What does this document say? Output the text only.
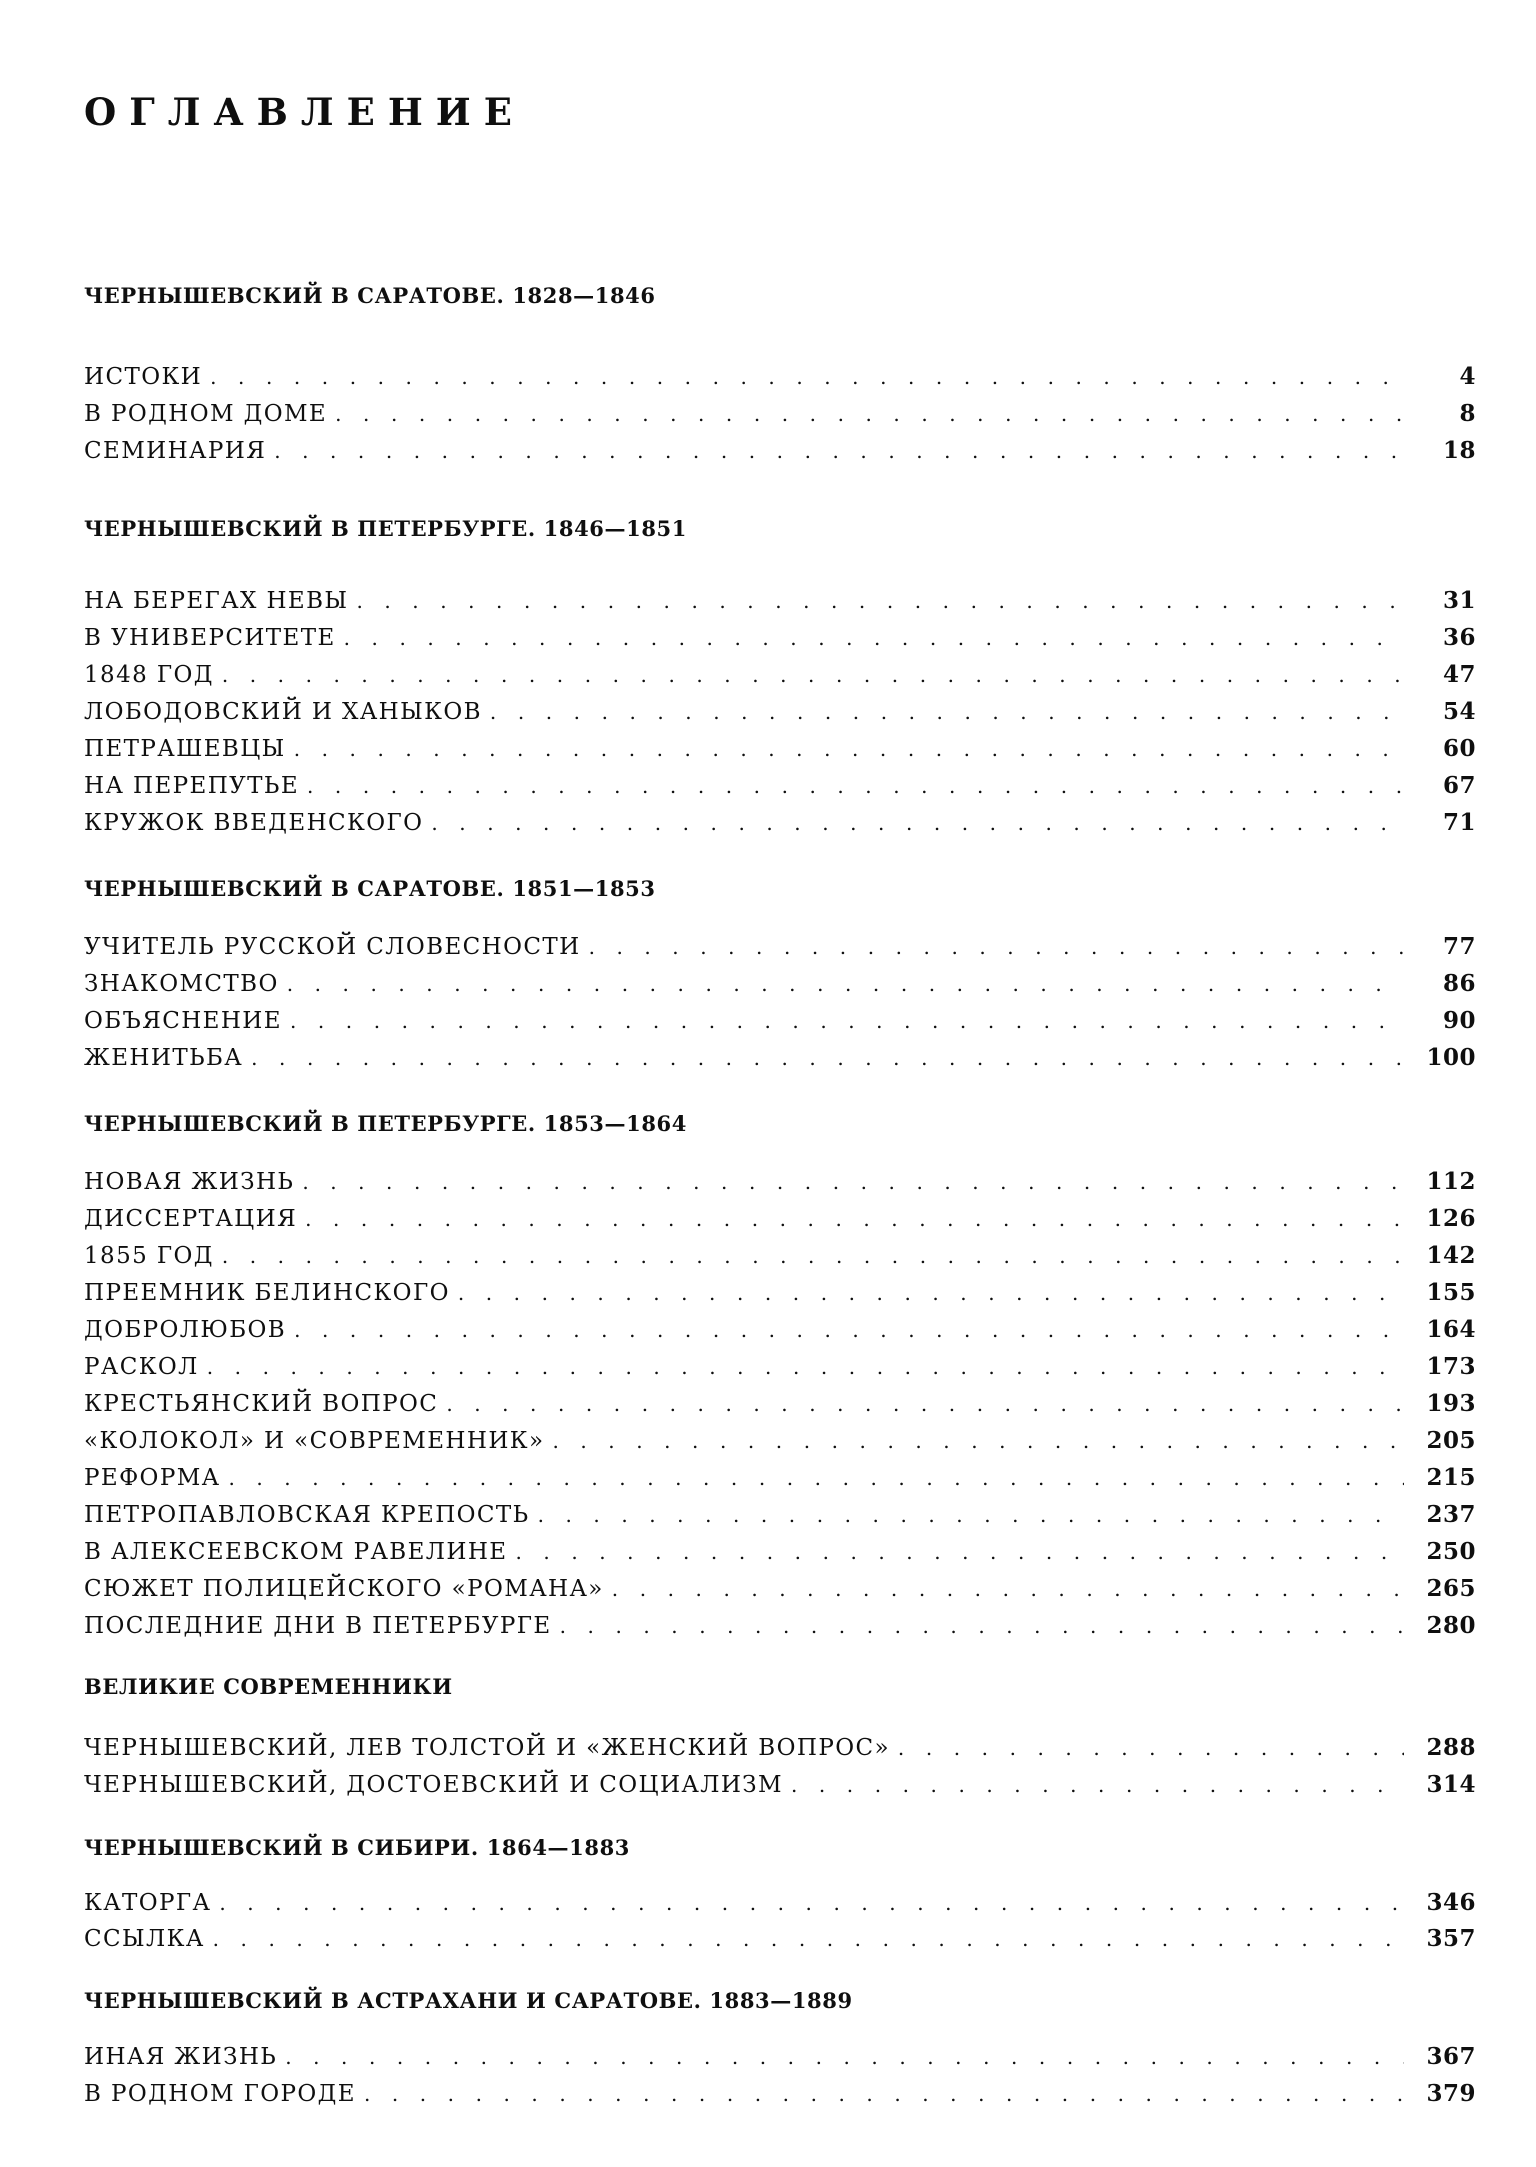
ОГЛАВЛЕНИЕ
ЧЕРНЫШЕВСКИЙ В САРАТОВЕ. 1828—1846
ИСТОКИ . . .	4
В РОДНОМ ДОМЕ . . .	8
СЕМИНАРИЯ . . .	18
ЧЕРНЫШЕВСКИЙ В ПЕТЕРБУРГЕ. 1846—1851
НА БЕРЕГАХ НЕВЫ . . .	31
В УНИВЕРСИТЕТЕ . . .	36
1848 ГОД . . .	47
ЛОБОДОВСКИЙ И ХАНЫКОВ . . .	54
ПЕТРАШЕВЦЫ . . .	60
НА ПЕРЕПУТЬЕ . . .	67
КРУЖОК ВВЕДЕНСКОГО . . .	71
ЧЕРНЫШЕВСКИЙ В САРАТОВЕ. 1851—1853
УЧИТЕЛЬ РУССКОЙ СЛОВЕСНОСТИ . . .	77
ЗНАКОМСТВО . . .	86
ОБЪЯСНЕНИЕ . . .	90
ЖЕНИТЬБА . . .	100
ЧЕРНЫШЕВСКИЙ В ПЕТЕРБУРГЕ. 1853—1864
НОВАЯ ЖИЗНЬ . . .	112
ДИССЕРТАЦИЯ . . .	126
1855 ГОД . . .	142
ПРЕЕМНИК БЕЛИНСКОГО . . .	155
ДОБРОЛЮБОВ . . .	164
РАСКОЛ . . .	173
КРЕСТЬЯНСКИЙ ВОПРОС . . .	193
«КОЛОКОЛ» И «СОВРЕМЕННИК» . . .	205
РЕФОРМА . . .	215
ПЕТРОПАВЛОВСКАЯ КРЕПОСТЬ . . .	237
В АЛЕКСЕЕВСКОМ РАВЕЛИНЕ . . .	250
СЮЖЕТ ПОЛИЦЕЙСКОГО «РОМАНА» . . .	265
ПОСЛЕДНИЕ ДНИ В ПЕТЕРБУРГЕ . . .	280
ВЕЛИКИЕ СОВРЕМЕННИКИ
ЧЕРНЫШЕВСКИЙ, ЛЕВ ТОЛСТОЙ И «ЖЕНСКИЙ ВОПРОС» . . .	288
ЧЕРНЫШЕВСКИЙ, ДОСТОЕВСКИЙ И СОЦИАЛИЗМ . . .	314
ЧЕРНЫШЕВСКИЙ В СИБИРИ. 1864—1883
КАТОРГА . . .	346
ССЫЛКА . . .	357
ЧЕРНЫШЕВСКИЙ В АСТРАХАНИ И САРАТОВЕ. 1883—1889
ИНАЯ ЖИЗНЬ . . .	367
В РОДНОМ ГОРОДЕ . . .	379
